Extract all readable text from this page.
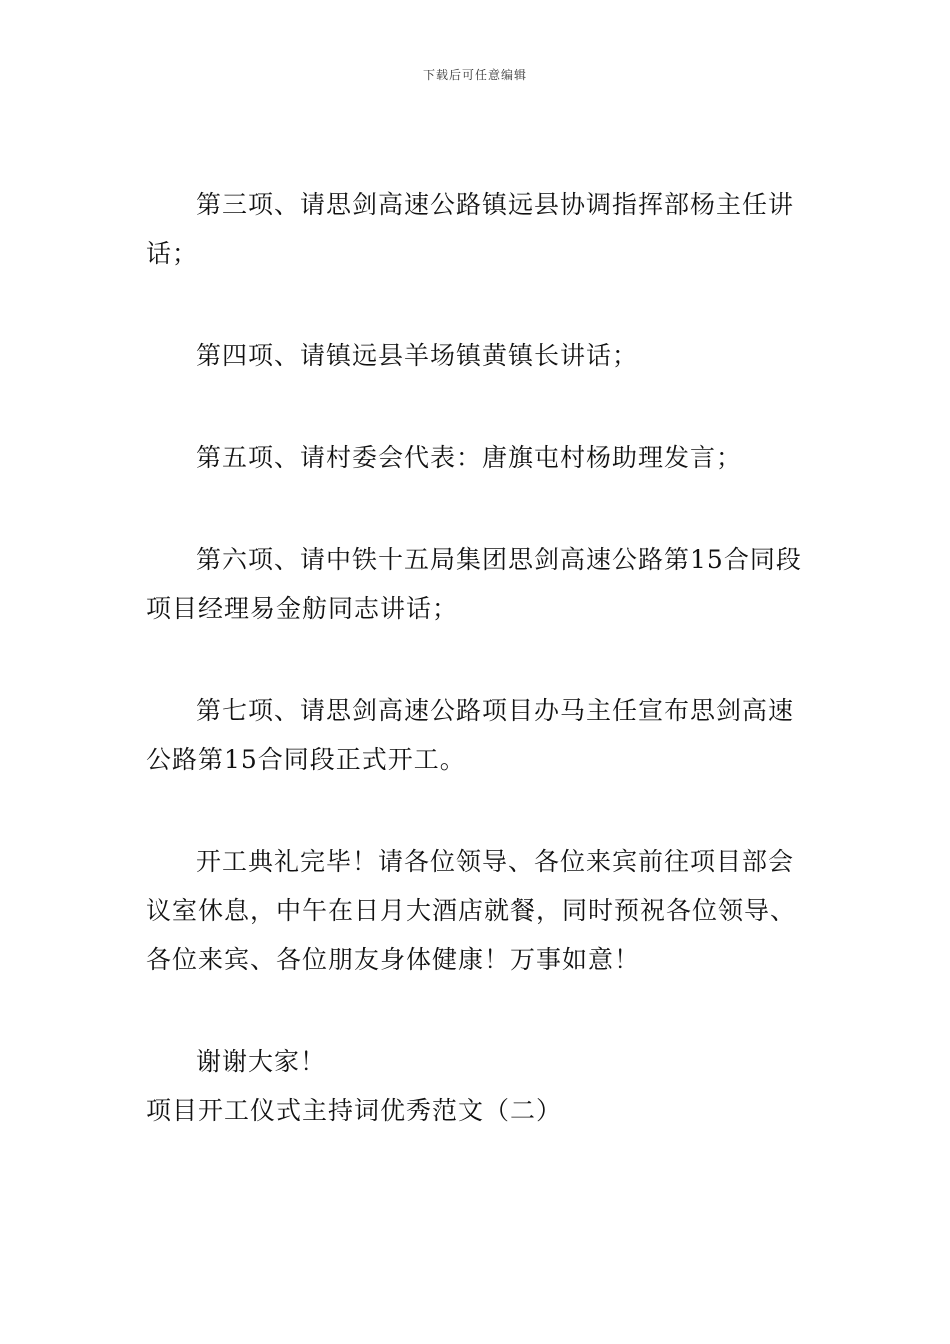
下载后可任意编辑

第三项、请思剑高速公路镇远县协调指挥部杨主任讲话；

第四项、请镇远县羊场镇黄镇长讲话；

第五项、请村委会代表：唐旗屯村杨助理发言；

第六项、请中铁十五局集团思剑高速公路第15合同段项目经理易金舫同志讲话；

第七项、请思剑高速公路项目办马主任宣布思剑高速公路第15合同段正式开工。

开工典礼完毕！请各位领导、各位来宾前往项目部会议室休息，中午在日月大酒店就餐，同时预祝各位领导、各位来宾、各位朋友身体健康！万事如意！

谢谢大家！

项目开工仪式主持词优秀范文（二）
